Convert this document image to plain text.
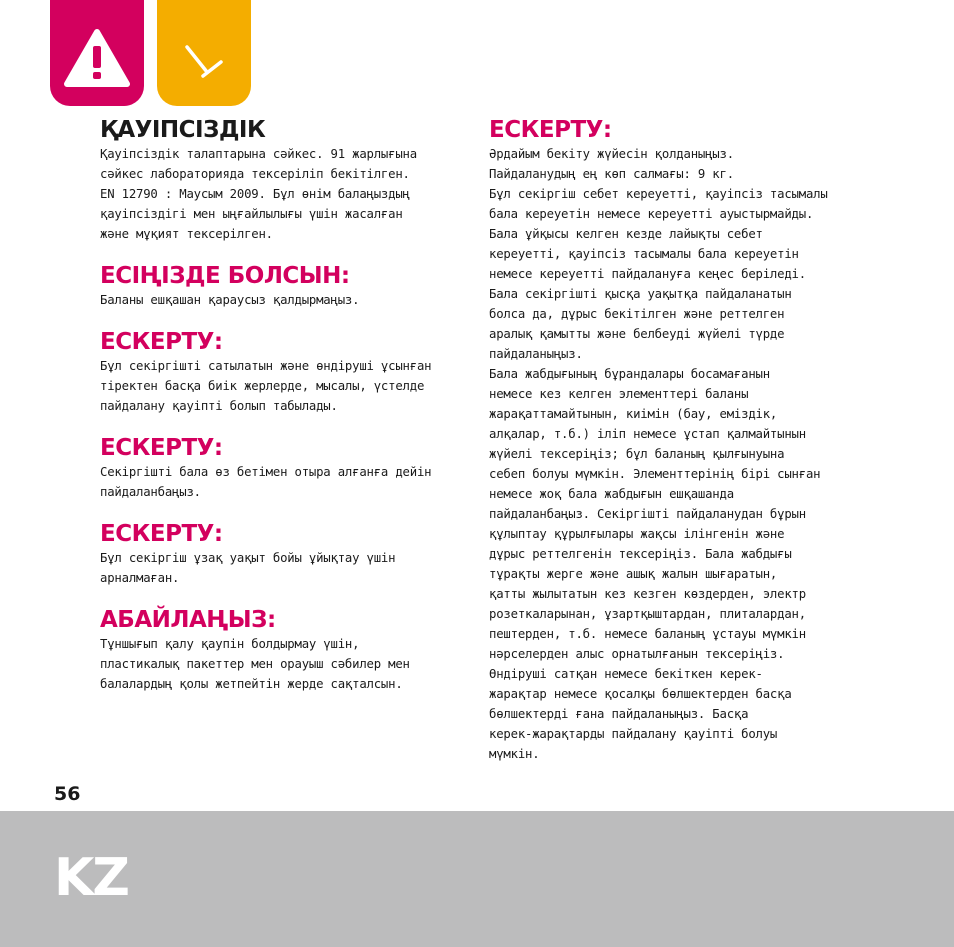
ҚАУІПСІЗДІК

Қауіпсіздік талаптарына сәйкес. 91 жарлығына
сәйкес лабораторияда тексеріліп бекітілген.
EN 12790 : Маусым 2009. Бұл өнім балаңыздың
қауіпсіздігі мен ыңғайлылығы үшін жасалған
және мұқият тексерілген.

ЕСІҢІЗДЕ БОЛСЫН:

Баланы ешқашан қараусыз қалдырмаңыз.

ЕСКЕРТУ:

Бұл секіргішті сатылатын және өндіруші ұсынған
тіректен басқа биік жерлерде, мысалы, үстелде
пайдалану қауіпті болып табылады.

ЕСКЕРТУ:

Секіргішті бала өз бетімен отыра алғанға дейін
пайдаланбаңыз.

ЕСКЕРТУ:

Бұл секіргіш ұзақ уақыт бойы ұйықтау үшін
арналмаған.

АБАЙЛАҢЫЗ:

Тұншығып қалу қаупін болдырмау үшін,
пластикалық пакеттер мен орауыш сәбилер мен
балалардың қолы жетпейтін жерде сақталсын.

ЕСКЕРТУ:

Әрдайым бекіту жүйесін қолданыңыз.
Пайдаланудың ең көп салмағы: 9 кг.
Бұл секіргіш себет кереуетті, қауіпсіз тасымалы
бала кереуетін немесе кереуетті ауыстырмайды.
Бала ұйқысы келген кезде лайықты себет
кереуетті, қауіпсіз тасымалы бала кереуетін
немесе кереуетті пайдалануға кеңес беріледі.
Бала секіргішті қысқа уақытқа пайдаланатын
болса да, дұрыс бекітілген және реттелген
аралық қамытты және белбеуді жүйелі түрде
пайдаланыңыз.
Бала жабдығының бұрандалары босамағанын
немесе кез келген элементтері баланы
жарақаттамайтынын, киімін (бау, еміздік,
алқалар, т.б.) іліп немесе ұстап қалмайтынын
жүйелі тексеріңіз; бұл баланың қылғынуына
себеп болуы мүмкін. Элементтерінің бірі сынған
немесе жоқ бала жабдығын ешқашанда
пайдаланбаңыз. Секіргішті пайдаланудан бұрын
құлыптау құрылғылары жақсы ілінгенін және
дұрыс реттелгенін тексеріңіз. Бала жабдығы
тұрақты жерге және ашық жалын шығаратын,
қатты жылытатын кез кезген көздерден, электр
розеткаларынан, ұзартқыштардан, плиталардан,
пештерден, т.б. немесе баланың ұстауы мүмкін
нәрселерден алыс орнатылғанын тексеріңіз.
Өндіруші сатқан немесе бекіткен керек-
жарақтар немесе қосалқы бөлшектерден басқа
бөлшектерді ғана пайдаланыңыз. Басқа
керек-жарақтарды пайдалану қауіпті болуы
мүмкін.

56
KZ
